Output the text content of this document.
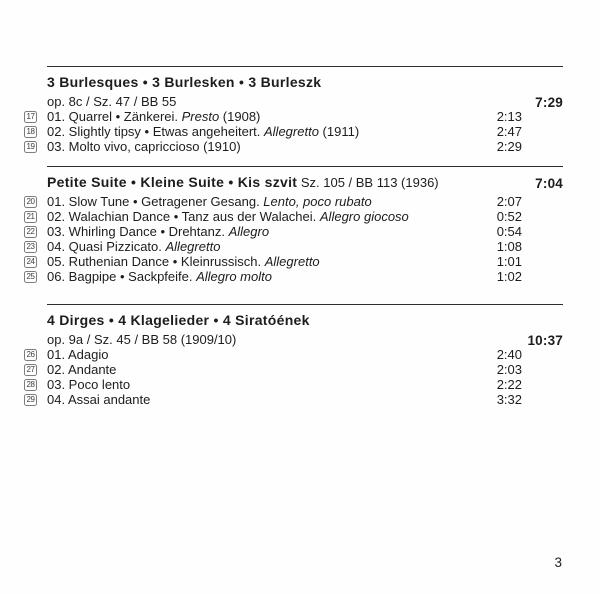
3 Burlesques • 3 Burlesken • 3 Burleszk
op. 8c / Sz. 47 / BB 55	7:29
17 01. Quarrel • Zänkerei. Presto (1908)	2:13
18 02. Slightly tipsy • Etwas angeheitert. Allegretto (1911)	2:47
19 03. Molto vivo, capriccioso (1910)	2:29
Petite Suite • Kleine Suite • Kis szvit Sz. 105 / BB 113 (1936)	7:04
20 01. Slow Tune • Getragener Gesang. Lento, poco rubato	2:07
21 02. Walachian Dance • Tanz aus der Walachei. Allegro giocoso	0:52
22 03. Whirling Dance • Drehtanz. Allegro	0:54
23 04. Quasi Pizzicato. Allegretto	1:08
24 05. Ruthenian Dance • Kleinrussisch. Allegretto	1:01
25 06. Bagpipe • Sackpfeife. Allegro molto	1:02
4 Dirges • 4 Klagelieder • 4 Siratóének
op. 9a / Sz. 45 / BB 58 (1909/10)	10:37
26 01. Adagio	2:40
27 02. Andante	2:03
28 03. Poco lento	2:22
29 04. Assai andante	3:32
3
